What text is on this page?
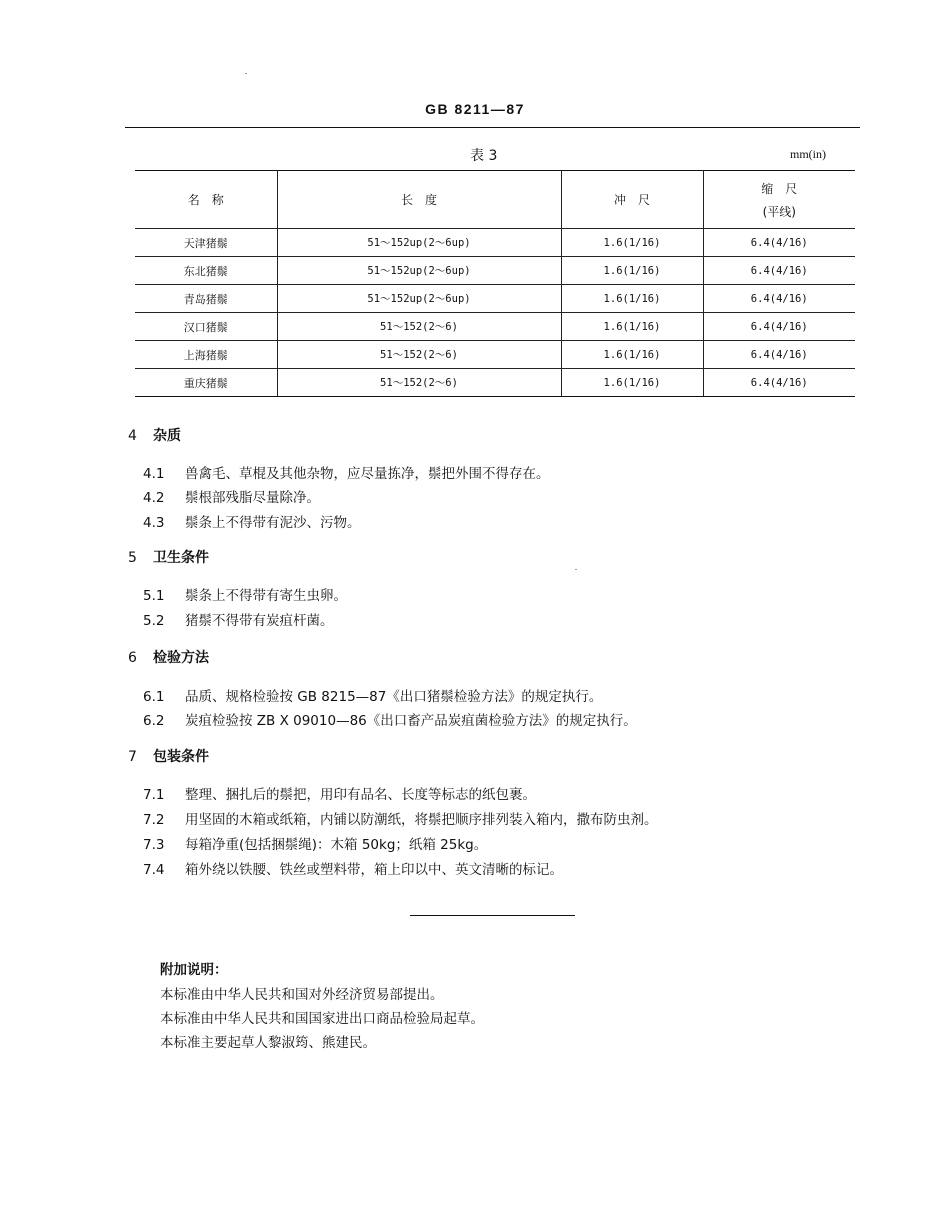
GB 8211—87
表 3	mm(in)
名　称	长　度	冲　尺	缩　尺
(平线)

天津猪鬃	51～152up(2～6up)	1.6(1/16)	6.4(4/16)
东北猪鬃	51～152up(2～6up)	1.6(1/16)	6.4(4/16)
青岛猪鬃	51～152up(2～6up)	1.6(1/16)	6.4(4/16)
汉口猪鬃	51～152(2～6)	1.6(1/16)	6.4(4/16)
上海猪鬃	51～152(2～6)	1.6(1/16)	6.4(4/16)
重庆猪鬃	51～152(2～6)	1.6(1/16)	6.4(4/16)
4 杂质
4.1 兽禽毛、草棍及其他杂物，应尽量拣净，鬃把外围不得存在。
4.2 鬃根部残脂尽量除净。
4.3 鬃条上不得带有泥沙、污物。
5 卫生条件
5.1 鬃条上不得带有寄生虫卵。
5.2 猪鬃不得带有炭疽杆菌。
6 检验方法
6.1 品质、规格检验按 GB 8215—87《出口猪鬃检验方法》的规定执行。
6.2 炭疽检验按 ZB X 09010—86《出口畜产品炭疽菌检验方法》的规定执行。
7 包装条件
7.1 整理、捆扎后的鬃把，用印有品名、长度等标志的纸包裹。
7.2 用坚固的木箱或纸箱，内铺以防潮纸，将鬃把顺序排列装入箱内，撒布防虫剂。
7.3 每箱净重(包括捆鬃绳)：木箱 50kg；纸箱 25kg。
7.4 箱外绕以铁腰、铁丝或塑料带，箱上印以中、英文清晰的标记。
附加说明：
本标准由中华人民共和国对外经济贸易部提出。
本标准由中华人民共和国国家进出口商品检验局起草。
本标准主要起草人黎淑筠、熊建民。
